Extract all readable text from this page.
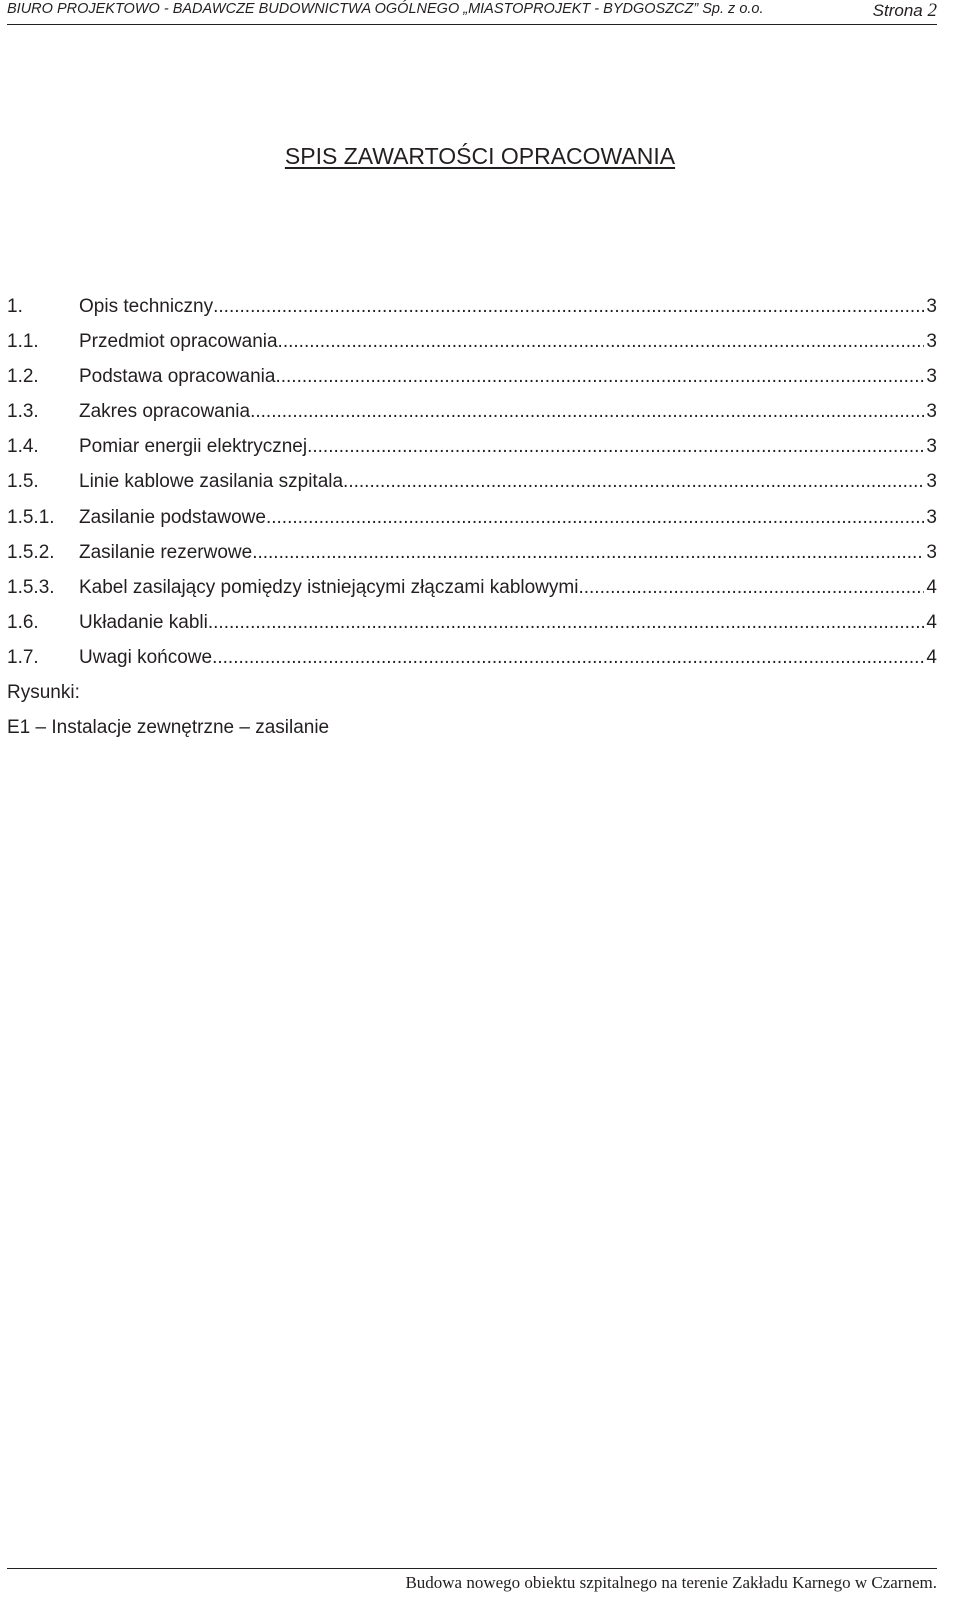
BIURO PROJEKTOWO - BADAWCZE BUDOWNICTWA OGÓLNEGO „MIASTOPROJEKT - BYDGOSZCZ” Sp. z o.o.	Strona 2
SPIS ZAWARTOŚCI OPRACOWANIA
1.	Opis techniczny .....	3
1.1. Przedmiot opracowania .....	3
1.2. Podstawa opracowania .....	3
1.3. Zakres opracowania .....	3
1.4. Pomiar energii elektrycznej .....	3
1.5. Linie kablowe zasilania szpitala .....	3
1.5.1. Zasilanie podstawowe .....	3
1.5.2. Zasilanie rezerwowe .....	3
1.5.3. Kabel zasilający pomiędzy istniejącymi złączami kablowymi. .....	4
1.6. Układanie kabli .....	4
1.7. Uwagi końcowe .....	4
Rysunki:
E1 – Instalacje zewnętrzne – zasilanie
Budowa nowego obiektu szpitalnego na terenie Zakładu Karnego w Czarnem.
